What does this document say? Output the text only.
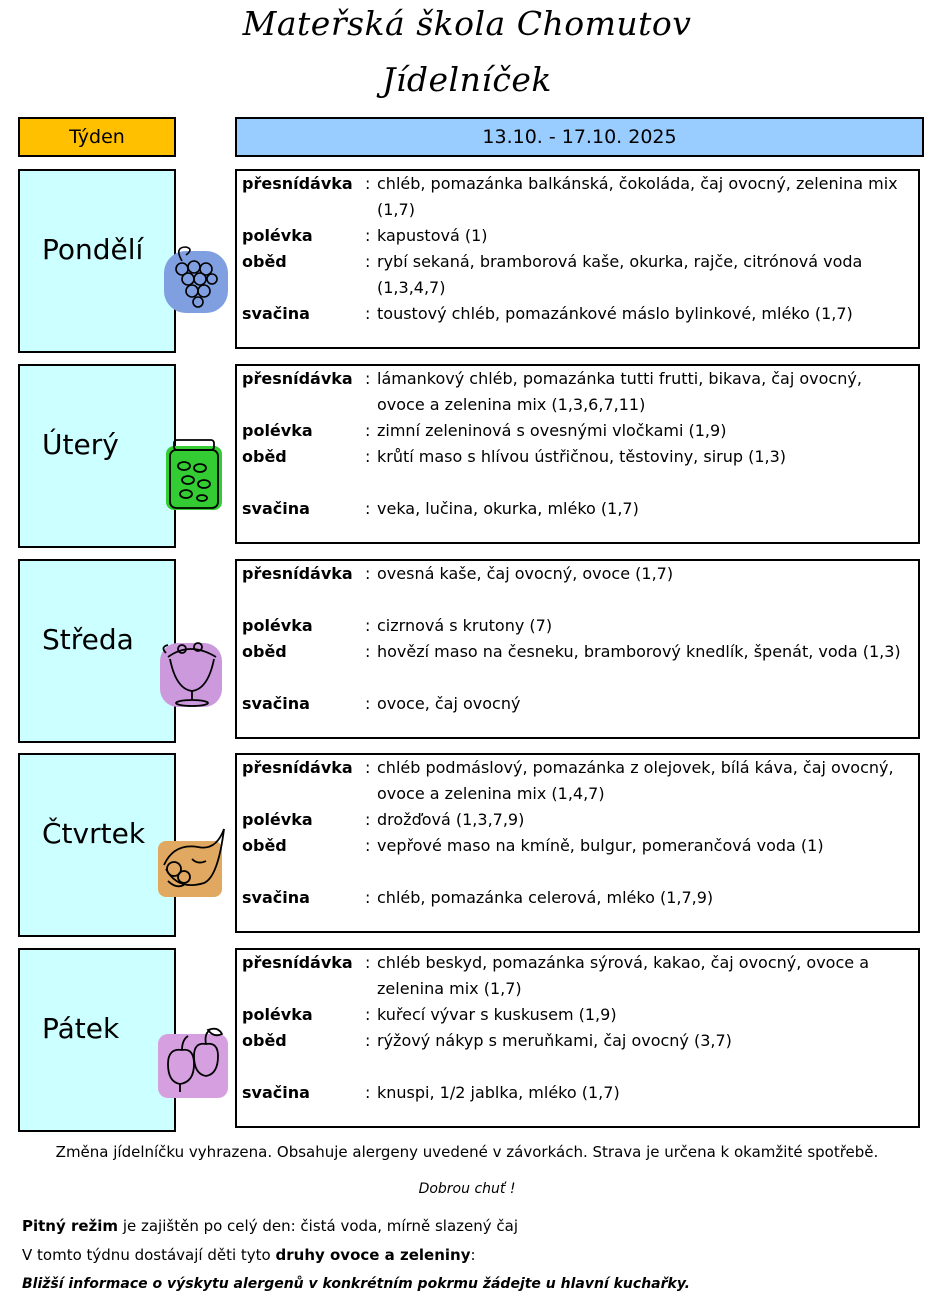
Mateřská škola Chomutov
Jídelníček
Týden	13.10. - 17.10. 2025
Pondělí
přesnídávka : chléb, pomazánka balkánská, čokoláda, čaj ovocný, zelenina mix
(1,7)
polévka	: kapustová (1)
oběd	: rybí sekaná, bramborová kaše, okurka, rajče, citrónová voda
(1,3,4,7)
svačina	: toustový chléb, pomazánkové máslo bylinkové, mléko (1,7)
Úterý
přesnídávka : lámankový chléb, pomazánka tutti frutti, bikava, čaj ovocný,
ovoce a zelenina mix (1,3,6,7,11)
polévka	: zimní zeleninová s ovesnými vločkami (1,9)
oběd	: krůtí maso s hlívou ústřičnou, těstoviny, sirup (1,3)
svačina	: veka, lučina, okurka, mléko (1,7)
Středa
přesnídávka : ovesná kaše, čaj ovocný, ovoce (1,7)
polévka	: cizrnová s krutony (7)
oběd	: hovězí maso na česneku, bramborový knedlík, špenát, voda (1,3)
svačina	: ovoce, čaj ovocný
Čtvrtek
přesnídávka : chléb podmáslový, pomazánka z olejovek, bílá káva, čaj ovocný,
ovoce a zelenina mix (1,4,7)
polévka	: drožďová (1,3,7,9)
oběd	: vepřové maso na kmíně, bulgur, pomerančová voda (1)
svačina	: chléb, pomazánka celerová, mléko (1,7,9)
Pátek
přesnídávka : chléb beskyd, pomazánka sýrová, kakao, čaj ovocný, ovoce a
zelenina mix (1,7)
polévka	: kuřecí vývar s kuskusem (1,9)
oběd	: rýžový nákyp s meruňkami, čaj ovocný (3,7)
svačina	: knuspi, 1/2 jablka, mléko (1,7)
Změna jídelníčku vyhrazena. Obsahuje alergeny uvedené v závorkách. Strava je určena k okamžité spotřebě.
Dobrou chuť !
Pitný režim je zajištěn po celý den: čistá voda, mírně slazený čaj
V tomto týdnu dostávají děti tyto druhy ovoce a zeleniny:
Bližší informace o výskytu alergenů v konkrétním pokrmu žádejte u hlavní kuchařky.
